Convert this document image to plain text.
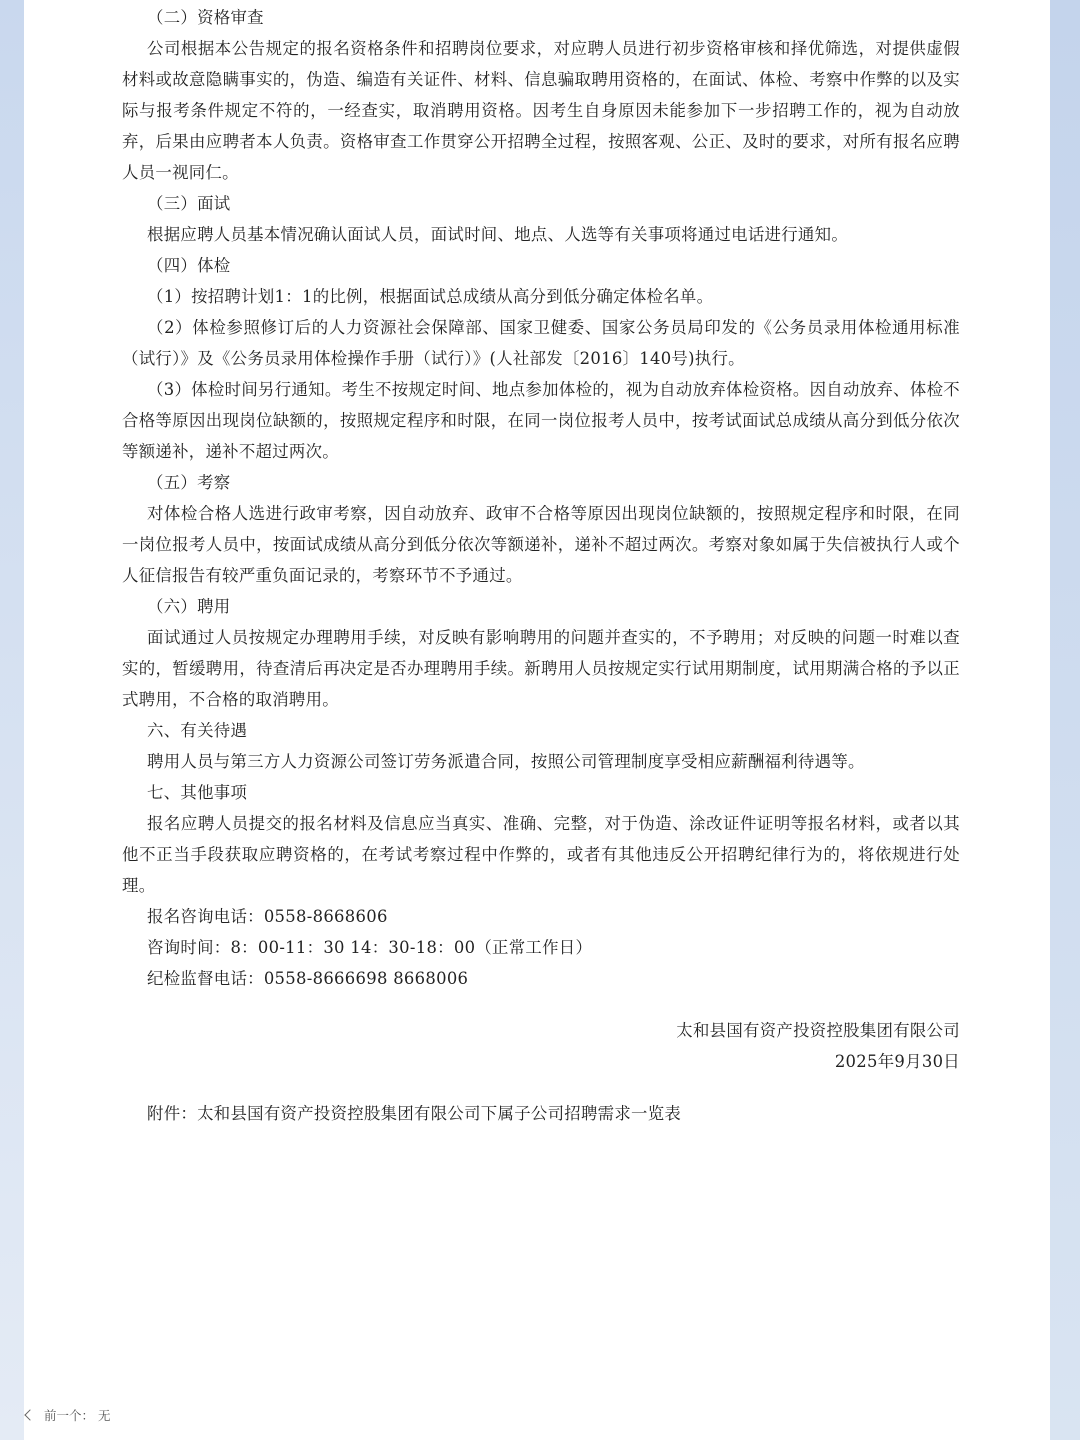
（二）资格审查

公司根据本公告规定的报名资格条件和招聘岗位要求，对应聘人员进行初步资格审核和择优筛选，对提供虚假材料或故意隐瞒事实的，伪造、编造有关证件、材料、信息骗取聘用资格的，在面试、体检、考察中作弊的以及实际与报考条件规定不符的，一经查实，取消聘用资格。因考生自身原因未能参加下一步招聘工作的，视为自动放弃，后果由应聘者本人负责。资格审查工作贯穿公开招聘全过程，按照客观、公正、及时的要求，对所有报名应聘人员一视同仁。

（三）面试

根据应聘人员基本情况确认面试人员，面试时间、地点、人选等有关事项将通过电话进行通知。

（四）体检

（1）按招聘计划1：1的比例，根据面试总成绩从高分到低分确定体检名单。

（2）体检参照修订后的人力资源社会保障部、国家卫健委、国家公务员局印发的《公务员录用体检通用标准（试行）》及《公务员录用体检操作手册（试行）》(人社部发〔2016〕140号)执行。

（3）体检时间另行通知。考生不按规定时间、地点参加体检的，视为自动放弃体检资格。因自动放弃、体检不合格等原因出现岗位缺额的，按照规定程序和时限，在同一岗位报考人员中，按考试面试总成绩从高分到低分依次等额递补，递补不超过两次。

（五）考察

对体检合格人选进行政审考察，因自动放弃、政审不合格等原因出现岗位缺额的，按照规定程序和时限，在同一岗位报考人员中，按面试成绩从高分到低分依次等额递补，递补不超过两次。考察对象如属于失信被执行人或个人征信报告有较严重负面记录的，考察环节不予通过。

（六）聘用

面试通过人员按规定办理聘用手续，对反映有影响聘用的问题并查实的，不予聘用；对反映的问题一时难以查实的，暂缓聘用，待查清后再决定是否办理聘用手续。新聘用人员按规定实行试用期制度，试用期满合格的予以正式聘用，不合格的取消聘用。

六、有关待遇

聘用人员与第三方人力资源公司签订劳务派遣合同，按照公司管理制度享受相应薪酬福利待遇等。

七、其他事项

报名应聘人员提交的报名材料及信息应当真实、准确、完整，对于伪造、涂改证件证明等报名材料，或者以其他不正当手段获取应聘资格的，在考试考察过程中作弊的，或者有其他违反公开招聘纪律行为的，将依规进行处理。

报名咨询电话：0558-8668606
咨询时间：8：00-11：30 14：30-18：00（正常工作日）
纪检监督电话：0558-8666698 8668006
太和县国有资产投资控股集团有限公司
2025年9月30日
附件：太和县国有资产投资控股集团有限公司下属子公司招聘需求一览表
前一个： 无
